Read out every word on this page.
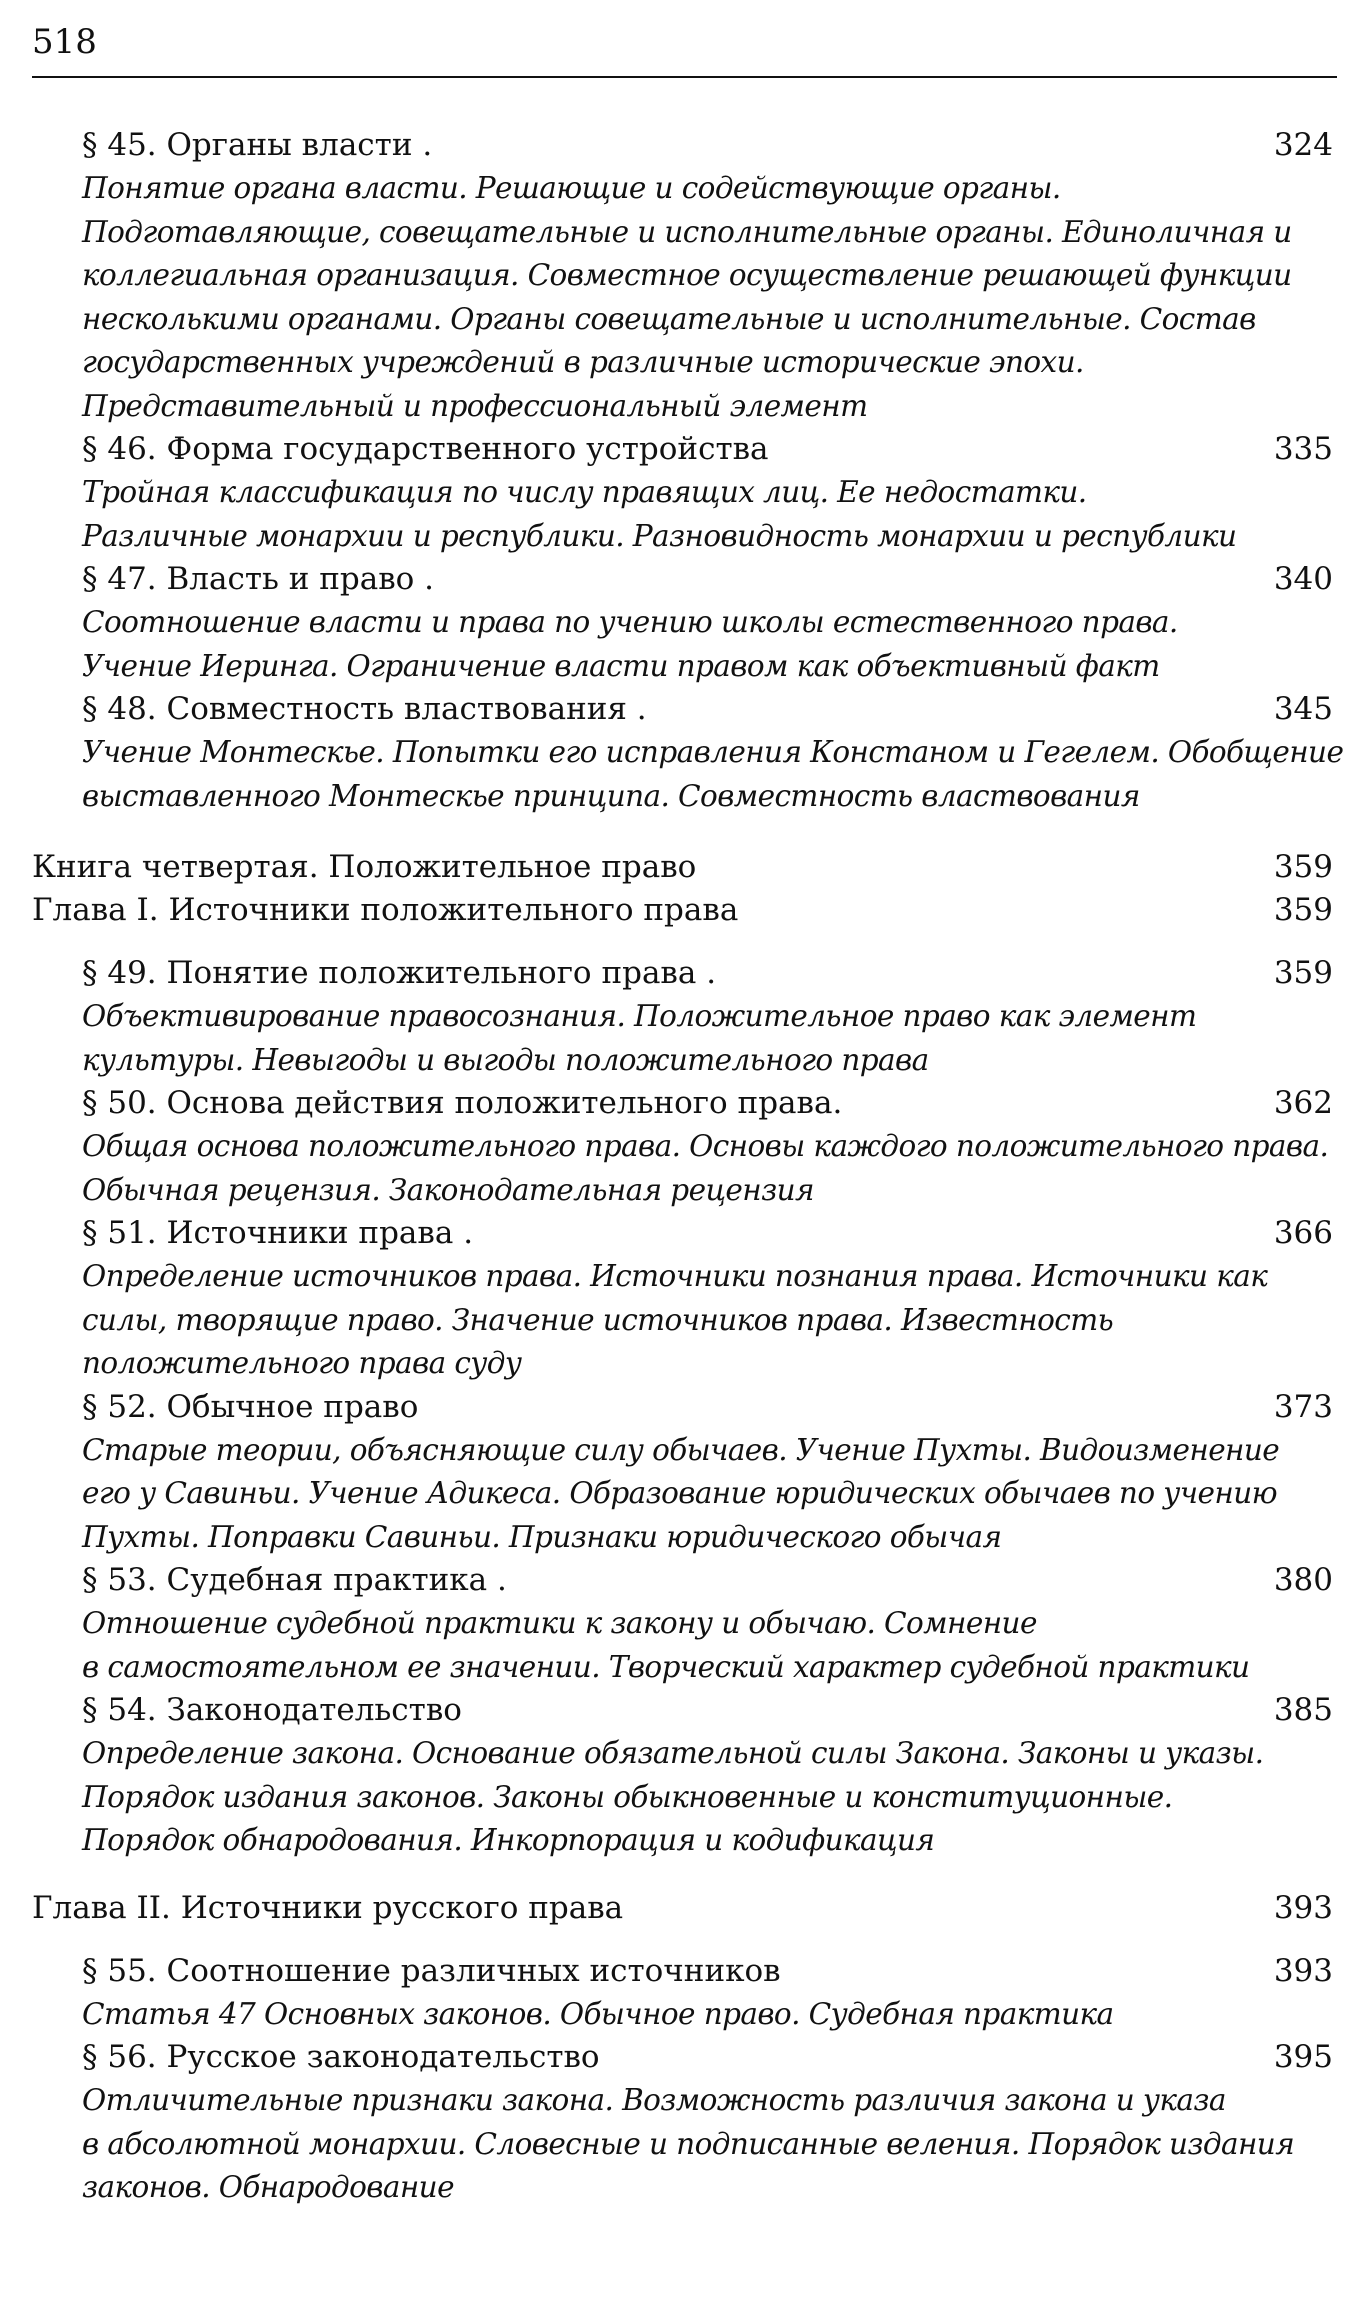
518
§ 45. Органы власти .	324
Понятие органа власти. Решающие и содействующие органы.
Подготавляющие, совещательные и исполнительные органы. Единоличная и
коллегиальная организация. Совместное осуществление решающей функции
несколькими органами. Органы совещательные и исполнительные. Состав
государственных учреждений в различные исторические эпохи.
Представительный и профессиональный элемент
§ 46. Форма государственного устройства	335
Тройная классификация по числу правящих лиц. Ее недостатки.
Различные монархии и республики. Разновидность монархии и республики
§ 47. Власть и право .	340
Соотношение власти и права по учению школы естественного права.
Учение Иеринга. Ограничение власти правом как объективный факт
§ 48. Совместность властвования .	345
Учение Монтескье. Попытки его исправления Констаном и Гегелем. Обобщение
выставленного Монтескье принципа. Совместность властвования
Книга четвертая. Положительное право	359
Глава I. Источники положительного права	359
§ 49. Понятие положительного права .	359
Объективирование правосознания. Положительное право как элемент
культуры. Невыгоды и выгоды положительного права
§ 50. Основа действия положительного права.	362
Общая основа положительного права. Основы каждого положительного права.
Обычная рецензия. Законодательная рецензия
§ 51. Источники права .	366
Определение источников права. Источники познания права. Источники как
силы, творящие право. Значение источников права. Известность
положительного права суду
§ 52. Обычное право	373
Старые теории, объясняющие силу обычаев. Учение Пухты. Видоизменение
его у Савиньи. Учение Адикеса. Образование юридических обычаев по учению
Пухты. Поправки Савиньи. Признаки юридического обычая
§ 53. Судебная практика .	380
Отношение судебной практики к закону и обычаю. Сомнение
в самостоятельном ее значении. Творческий характер судебной практики
§ 54. Законодательство	385
Определение закона. Основание обязательной силы Закона. Законы и указы.
Порядок издания законов. Законы обыкновенные и конституционные.
Порядок обнародования. Инкорпорация и кодификация
Глава II. Источники русского права	393
§ 55. Соотношение различных источников	393
Статья 47 Основных законов. Обычное право. Судебная практика
§ 56. Русское законодательство	395
Отличительные признаки закона. Возможность различия закона и указа
в абсолютной монархии. Словесные и подписанные веления. Порядок издания
законов. Обнародование
